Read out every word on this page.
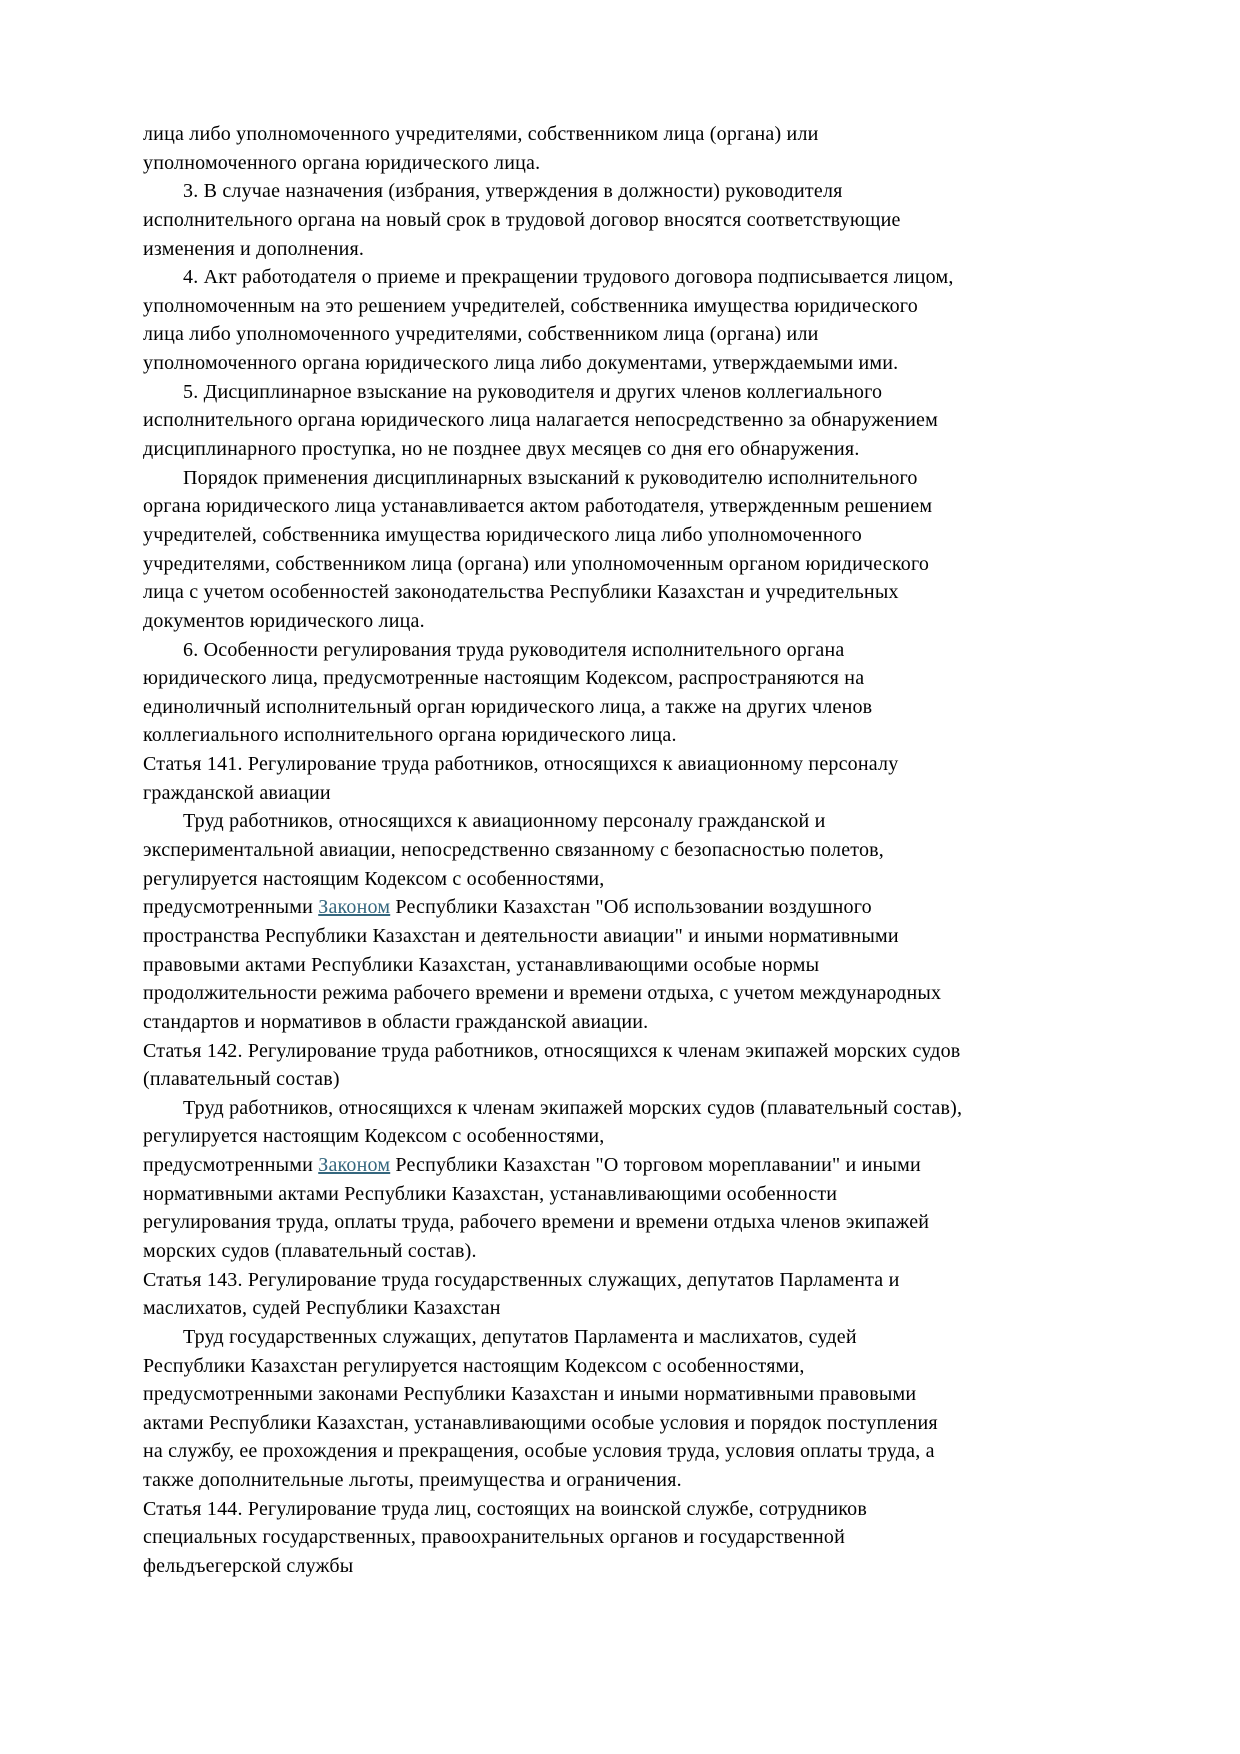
лица либо уполномоченного учредителями, собственником лица (органа) или
уполномоченного органа юридического лица.
3. В случае назначения (избрания, утверждения в должности) руководителя
исполнительного органа на новый срок в трудовой договор вносятся соответствующие
изменения и дополнения.
4. Акт работодателя о приеме и прекращении трудового договора подписывается лицом,
уполномоченным на это решением учредителей, собственника имущества юридического
лица либо уполномоченного учредителями, собственником лица (органа) или
уполномоченного органа юридического лица либо документами, утверждаемыми ими.
5. Дисциплинарное взыскание на руководителя и других членов коллегиального
исполнительного органа юридического лица налагается непосредственно за обнаружением
дисциплинарного проступка, но не позднее двух месяцев со дня его обнаружения.
Порядок применения дисциплинарных взысканий к руководителю исполнительного
органа юридического лица устанавливается актом работодателя, утвержденным решением
учредителей, собственника имущества юридического лица либо уполномоченного
учредителями, собственником лица (органа) или уполномоченным органом юридического
лица с учетом особенностей законодательства Республики Казахстан и учредительных
документов юридического лица.
6. Особенности регулирования труда руководителя исполнительного органа
юридического лица, предусмотренные настоящим Кодексом, распространяются на
единоличный исполнительный орган юридического лица, а также на других членов
коллегиального исполнительного органа юридического лица.
Статья 141. Регулирование труда работников, относящихся к авиационному персоналу
гражданской авиации
Труд работников, относящихся к авиационному персоналу гражданской и
экспериментальной авиации, непосредственно связанному с безопасностью полетов,
регулируется настоящим Кодексом с особенностями,
предусмотренными Законом Республики Казахстан "Об использовании воздушного
пространства Республики Казахстан и деятельности авиации" и иными нормативными
правовыми актами Республики Казахстан, устанавливающими особые нормы
продолжительности режима рабочего времени и времени отдыха, с учетом международных
стандартов и нормативов в области гражданской авиации.
Статья 142. Регулирование труда работников, относящихся к членам экипажей морских судов
(плавательный состав)
Труд работников, относящихся к членам экипажей морских судов (плавательный состав),
регулируется настоящим Кодексом с особенностями,
предусмотренными Законом Республики Казахстан "О торговом мореплавании" и иными
нормативными актами Республики Казахстан, устанавливающими особенности
регулирования труда, оплаты труда, рабочего времени и времени отдыха членов экипажей
морских судов (плавательный состав).
Статья 143. Регулирование труда государственных служащих, депутатов Парламента и
маслихатов, судей Республики Казахстан
Труд государственных служащих, депутатов Парламента и маслихатов, судей
Республики Казахстан регулируется настоящим Кодексом с особенностями,
предусмотренными законами Республики Казахстан и иными нормативными правовыми
актами Республики Казахстан, устанавливающими особые условия и порядок поступления
на службу, ее прохождения и прекращения, особые условия труда, условия оплаты труда, а
также дополнительные льготы, преимущества и ограничения.
Статья 144. Регулирование труда лиц, состоящих на воинской службе, сотрудников
специальных государственных, правоохранительных органов и государственной
фельдъегерской службы
